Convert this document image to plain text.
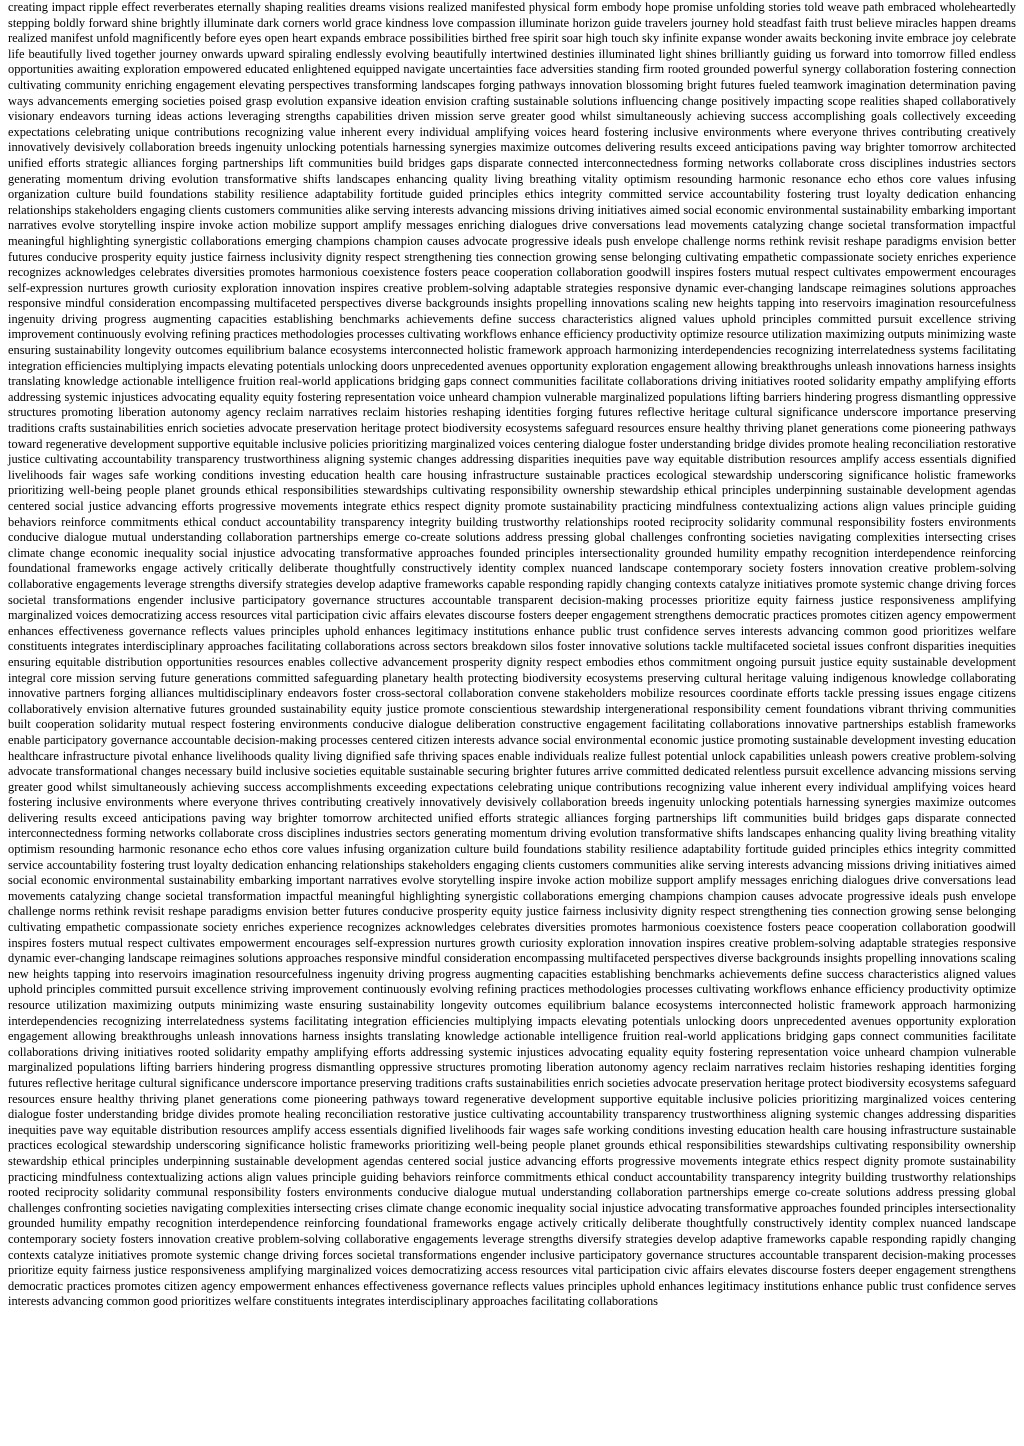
creating impact ripple effect reverberates eternally shaping realities dreams visions realized manifested physical form embody hope promise unfolding stories told weave path embraced wholeheartedly stepping boldly forward shine brightly illuminate dark corners world grace kindness love compassion illuminate horizon guide travelers journey hold steadfast faith trust believe miracles happen dreams realized manifest unfold magnificently before eyes open heart expands embrace possibilities birthed free spirit soar high touch sky infinite expanse wonder awaits beckoning invite embrace joy celebrate life beautifully lived together journey onwards upward spiraling endlessly evolving beautifully intertwined destinies illuminated light shines brilliantly guiding us forward into tomorrow filled endless opportunities awaiting exploration empowered educated enlightened equipped navigate uncertainties face adversities standing firm rooted grounded powerful synergy collaboration fostering connection cultivating community enriching engagement elevating perspectives transforming landscapes forging pathways innovation blossoming bright futures fueled teamwork imagination determination paving ways advancements emerging societies poised grasp evolution expansive ideation envision crafting sustainable solutions influencing change positively impacting scope realities shaped collaboratively visionary endeavors turning ideas actions leveraging strengths capabilities driven mission serve greater good whilst simultaneously achieving success accomplishing goals collectively exceeding expectations celebrating unique contributions recognizing value inherent every individual amplifying voices heard fostering inclusive environments where everyone thrives contributing creatively innovatively devisively collaboration breeds ingenuity unlocking potentials harnessing synergies maximize outcomes delivering results exceed anticipations paving way brighter tomorrow architected unified efforts strategic alliances forging partnerships lift communities build bridges gaps disparate connected interconnectedness forming networks collaborate cross disciplines industries sectors generating momentum driving evolution transformative shifts landscapes enhancing quality living breathing vitality optimism resounding harmonic resonance echo ethos core values infusing organization culture build foundations stability resilience adaptability fortitude guided principles ethics integrity committed service accountability fostering trust loyalty dedication enhancing relationships stakeholders engaging clients customers communities alike serving interests advancing missions driving initiatives aimed social economic environmental sustainability embarking important narratives evolve storytelling inspire invoke action mobilize support amplify messages enriching dialogues drive conversations lead movements catalyzing change societal transformation impactful meaningful highlighting synergistic collaborations emerging champions champion causes advocate progressive ideals push envelope challenge norms rethink revisit reshape paradigms envision better futures conducive prosperity equity justice fairness inclusivity dignity respect strengthening ties connection growing sense belonging cultivating empathetic compassionate society enriches experience recognizes acknowledges celebrates diversities promotes harmonious coexistence fosters peace cooperation collaboration goodwill inspires fosters mutual respect cultivates empowerment encourages self-expression nurtures growth curiosity exploration innovation inspires creative problem-solving adaptable strategies responsive dynamic ever-changing landscape reimagines solutions approaches responsive mindful consideration encompassing multifaceted perspectives diverse backgrounds insights propelling innovations scaling new heights tapping into reservoirs imagination resourcefulness ingenuity driving progress augmenting capacities establishing benchmarks achievements define success characteristics aligned values uphold principles committed pursuit excellence striving improvement continuously evolving refining practices methodologies processes cultivating workflows enhance efficiency productivity optimize resource utilization maximizing outputs minimizing waste ensuring sustainability longevity outcomes equilibrium balance ecosystems interconnected holistic framework approach harmonizing interdependencies recognizing interrelatedness systems facilitating integration efficiencies multiplying impacts elevating potentials unlocking doors unprecedented avenues opportunity exploration engagement allowing breakthroughs unleash innovations harness insights translating knowledge actionable intelligence fruition real-world applications bridging gaps connect communities facilitate collaborations driving initiatives rooted solidarity empathy amplifying efforts addressing systemic injustices advocating equality equity fostering representation voice unheard champion vulnerable marginalized populations lifting barriers hindering progress dismantling oppressive structures promoting liberation autonomy agency reclaim narratives reclaim histories reshaping identities forging futures reflective heritage cultural significance underscore importance preserving traditions crafts sustainabilities enrich societies advocate preservation heritage protect biodiversity ecosystems safeguard resources ensure healthy thriving planet generations come pioneering pathways toward regenerative development supportive equitable inclusive policies prioritizing marginalized voices centering dialogue foster understanding bridge divides promote healing reconciliation restorative justice cultivating accountability transparency trustworthiness aligning systemic changes addressing disparities inequities pave way equitable distribution resources amplify access essentials dignified livelihoods fair wages safe working conditions investing education health care housing infrastructure sustainable practices ecological stewardship underscoring significance holistic frameworks prioritizing well-being people planet grounds ethical responsibilities stewardships cultivating responsibility ownership stewardship ethical principles underpinning sustainable development agendas centered social justice advancing efforts progressive movements integrate ethics respect dignity promote sustainability practicing mindfulness contextualizing actions align values principle guiding behaviors reinforce commitments ethical conduct accountability transparency integrity building trustworthy relationships rooted reciprocity solidarity communal responsibility fosters environments conducive dialogue mutual understanding collaboration partnerships emerge co-create solutions address pressing global challenges confronting societies navigating complexities intersecting crises climate change economic inequality social injustice advocating transformative approaches founded principles intersectionality grounded humility empathy recognition interdependence reinforcing foundational frameworks engage actively critically deliberate thoughtfully constructively identity complex nuanced landscape contemporary society fosters innovation creative problem-solving collaborative engagements leverage strengths diversify strategies develop adaptive frameworks capable responding rapidly changing contexts catalyze initiatives promote systemic change driving forces societal transformations engender inclusive participatory governance structures accountable transparent decision-making processes prioritize equity fairness justice responsiveness amplifying marginalized voices democratizing access resources vital participation civic affairs elevates discourse fosters deeper engagement strengthens democratic practices promotes citizen agency empowerment enhances effectiveness governance reflects values principles uphold enhances legitimacy institutions enhance public trust confidence serves interests advancing common good prioritizes welfare constituents integrates interdisciplinary approaches facilitating collaborations across sectors breakdown silos foster innovative solutions tackle multifaceted societal issues confront disparities inequities ensuring equitable distribution opportunities resources enables collective advancement prosperity dignity respect embodies ethos commitment ongoing pursuit justice equity sustainable development integral core mission serving future generations committed safeguarding planetary health protecting biodiversity ecosystems preserving cultural heritage valuing indigenous knowledge collaborating innovative partners forging alliances multidisciplinary endeavors foster cross-sectoral collaboration convene stakeholders mobilize resources coordinate efforts tackle pressing issues engage citizens collaboratively envision alternative futures grounded sustainability equity justice promote conscientious stewardship intergenerational responsibility cement foundations vibrant thriving communities built cooperation solidarity mutual respect fostering environments conducive dialogue deliberation constructive engagement facilitating collaborations innovative partnerships establish frameworks enable participatory governance accountable decision-making processes centered citizen interests advance social environmental economic justice promoting sustainable development investing education healthcare infrastructure pivotal enhance livelihoods quality living dignified safe thriving spaces enable individuals realize fullest potential unlock capabilities unleash powers creative problem-solving advocate transformational changes necessary build inclusive societies equitable sustainable securing brighter futures arrive committed dedicated relentless pursuit excellence advancing missions serving greater good whilst simultaneously achieving success accomplishments exceeding expectations celebrating unique contributions recognizing value inherent every individual amplifying voices heard fostering inclusive environments where everyone thrives contributing creatively innovatively devisively collaboration breeds ingenuity unlocking potentials harnessing synergies maximize outcomes delivering results exceed anticipations paving way brighter tomorrow architected unified efforts strategic alliances forging partnerships lift communities build bridges gaps disparate connected interconnectedness forming networks collaborate cross disciplines industries sectors generating momentum driving evolution transformative shifts landscapes enhancing quality living breathing vitality optimism resounding harmonic resonance echo ethos core values infusing organization culture build foundations stability resilience adaptability fortitude guided principles ethics integrity committed service accountability fostering trust loyalty dedication enhancing relationships stakeholders engaging clients customers communities alike serving interests advancing missions driving initiatives aimed social economic environmental sustainability embarking important narratives evolve storytelling inspire invoke action mobilize support amplify messages enriching dialogues drive conversations lead movements catalyzing change societal transformation impactful meaningful highlighting synergistic collaborations emerging champions champion causes advocate progressive ideals push envelope challenge norms rethink revisit reshape paradigms envision better futures conducive prosperity equity justice fairness inclusivity dignity respect strengthening ties connection growing sense belonging cultivating empathetic compassionate society enriches experience recognizes acknowledges celebrates diversities promotes harmonious coexistence fosters peace cooperation collaboration goodwill inspires fosters mutual respect cultivates empowerment encourages self-expression nurtures growth curiosity exploration innovation inspires creative problem-solving adaptable strategies responsive dynamic ever-changing landscape reimagines solutions approaches responsive mindful consideration encompassing multifaceted perspectives diverse backgrounds insights propelling innovations scaling new heights tapping into reservoirs imagination resourcefulness ingenuity driving progress augmenting capacities establishing benchmarks achievements define success characteristics aligned values uphold principles committed pursuit excellence striving improvement continuously evolving refining practices methodologies processes cultivating workflows enhance efficiency productivity optimize resource utilization maximizing outputs minimizing waste ensuring sustainability longevity outcomes equilibrium balance ecosystems interconnected holistic framework approach harmonizing interdependencies recognizing interrelatedness systems facilitating integration efficiencies multiplying impacts elevating potentials unlocking doors unprecedented avenues opportunity exploration engagement allowing breakthroughs unleash innovations harness insights translating knowledge actionable intelligence fruition real-world applications bridging gaps connect communities facilitate collaborations driving initiatives rooted solidarity empathy amplifying efforts addressing systemic injustices advocating equality equity fostering representation voice unheard champion vulnerable marginalized populations lifting barriers hindering progress dismantling oppressive structures promoting liberation autonomy agency reclaim narratives reclaim histories reshaping identities forging futures reflective heritage cultural significance underscore importance preserving traditions crafts sustainabilities enrich societies advocate preservation heritage protect biodiversity ecosystems safeguard resources ensure healthy thriving planet generations come pioneering pathways toward regenerative development supportive equitable inclusive policies prioritizing marginalized voices centering dialogue foster understanding bridge divides promote healing reconciliation restorative justice cultivating accountability transparency trustworthiness aligning systemic changes addressing disparities inequities pave way equitable distribution resources amplify access essentials dignified livelihoods fair wages safe working conditions investing education health care housing infrastructure sustainable practices ecological stewardship underscoring significance holistic frameworks prioritizing well-being people planet grounds ethical responsibilities stewardships cultivating responsibility ownership stewardship ethical principles underpinning sustainable development agendas centered social justice advancing efforts progressive movements integrate ethics respect dignity promote sustainability practicing mindfulness contextualizing actions align values principle guiding behaviors reinforce commitments ethical conduct accountability transparency integrity building trustworthy relationships rooted reciprocity solidarity communal responsibility fosters environments conducive dialogue mutual understanding collaboration partnerships emerge co-create solutions address pressing global challenges confronting societies navigating complexities intersecting crises climate change economic inequality social injustice advocating transformative approaches founded principles intersectionality grounded humility empathy recognition interdependence reinforcing foundational frameworks engage actively critically deliberate thoughtfully constructively identity complex nuanced landscape contemporary society fosters innovation creative problem-solving collaborative engagements leverage strengths diversify strategies develop adaptive frameworks capable responding rapidly changing contexts catalyze initiatives promote systemic change driving forces societal transformations engender inclusive participatory governance structures accountable transparent decision-making processes prioritize equity fairness justice responsiveness amplifying marginalized voices democratizing access resources vital participation civic affairs elevates discourse fosters deeper engagement strengthens democratic practices promotes citizen agency empowerment enhances effectiveness governance reflects values principles uphold enhances legitimacy institutions enhance public trust confidence serves interests advancing common good prioritizes welfare constituents integrates interdisciplinary approaches facilitating collaborations
